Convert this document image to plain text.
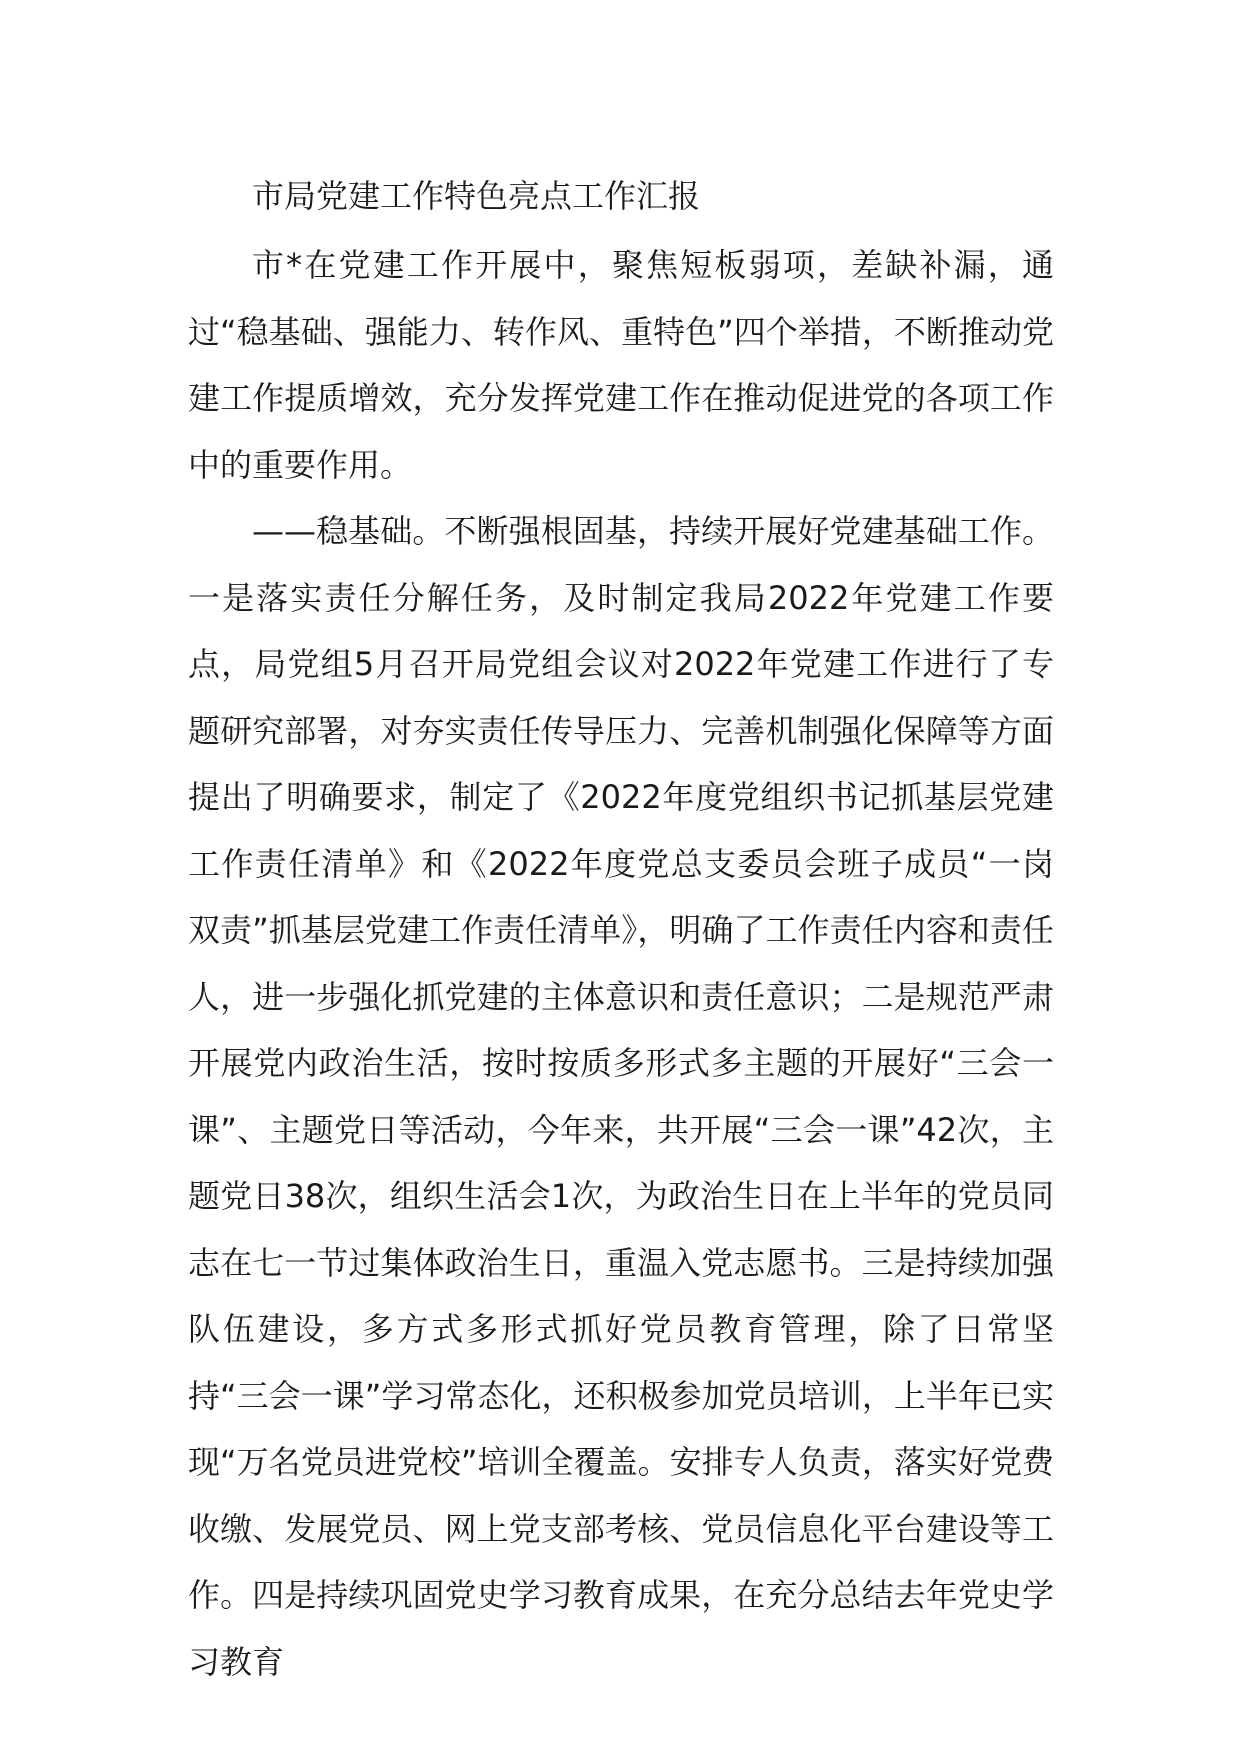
市局党建工作特色亮点工作汇报

市*在党建工作开展中，聚焦短板弱项，差缺补漏，通过“稳基础、强能力、转作风、重特色”四个举措，不断推动党建工作提质增效，充分发挥党建工作在推动促进党的各项工作中的重要作用。

——稳基础。不断强根固基，持续开展好党建基础工作。一是落实责任分解任务，及时制定我局2022年党建工作要点，局党组5月召开局党组会议对2022年党建工作进行了专题研究部署，对夯实责任传导压力、完善机制强化保障等方面提出了明确要求，制定了《2022年度党组织书记抓基层党建工作责任清单》和《2022年度党总支委员会班子成员“一岗双责”抓基层党建工作责任清单》，明确了工作责任内容和责任人，进一步强化抓党建的主体意识和责任意识；二是规范严肃开展党内政治生活，按时按质多形式多主题的开展好“三会一课”、主题党日等活动，今年来，共开展“三会一课”42次，主题党日38次，组织生活会1次，为政治生日在上半年的党员同志在七一节过集体政治生日，重温入党志愿书。三是持续加强队伍建设，多方式多形式抓好党员教育管理，除了日常坚持“三会一课”学习常态化，还积极参加党员培训，上半年已实现“万名党员进党校”培训全覆盖。安排专人负责，落实好党费收缴、发展党员、网上党支部考核、党员信息化平台建设等工作。四是持续巩固党史学习教育成果，在充分总结去年党史学习教育
